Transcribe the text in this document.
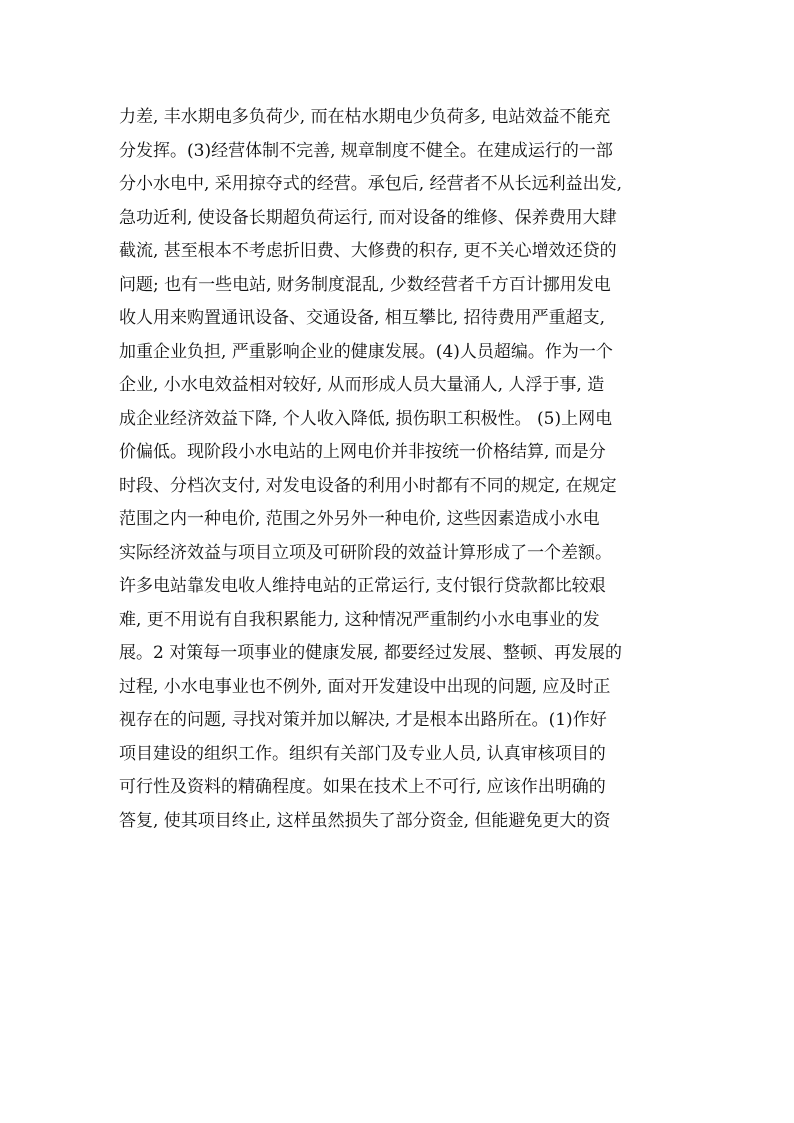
力差, 丰水期电多负荷少, 而在枯水期电少负荷多, 电站效益不能充
分发挥。(3)经营体制不完善, 规章制度不健全。在建成运行的一部
分小水电中, 采用掠夺式的经营。承包后, 经营者不从长远利益出发,
急功近利, 使设备长期超负荷运行, 而对设备的维修、保养费用大肆
截流, 甚至根本不考虑折旧费、大修费的积存, 更不关心增效还贷的
问题; 也有一些电站, 财务制度混乱, 少数经营者千方百计挪用发电
收人用来购置通讯设备、交通设备, 相互攀比, 招待费用严重超支,
加重企业负担, 严重影响企业的健康发展。(4)人员超编。作为一个
企业, 小水电效益相对较好, 从而形成人员大量涌人, 人浮于事, 造
成企业经济效益下降, 个人收入降低, 损伤职工积极性。 (5)上网电
价偏低。现阶段小水电站的上网电价并非按统一价格结算, 而是分
时段、分档次支付, 对发电设备的利用小时都有不同的规定, 在规定
范围之内一种电价, 范围之外另外一种电价, 这些因素造成小水电
实际经济效益与项目立项及可研阶段的效益计算形成了一个差额。
许多电站靠发电收人维持电站的正常运行, 支付银行贷款都比较艰
难, 更不用说有自我积累能力, 这种情况严重制约小水电事业的发
展。2 对策每一项事业的健康发展, 都要经过发展、整顿、再发展的
过程, 小水电事业也不例外, 面对开发建设中出现的问题, 应及时正
视存在的问题, 寻找对策并加以解决, 才是根本出路所在。(1)作好
项目建设的组织工作。组织有关部门及专业人员, 认真审核项目的
可行性及资料的精确程度。如果在技术上不可行, 应该作出明确的
答复, 使其项目终止, 这样虽然损失了部分资金, 但能避免更大的资
